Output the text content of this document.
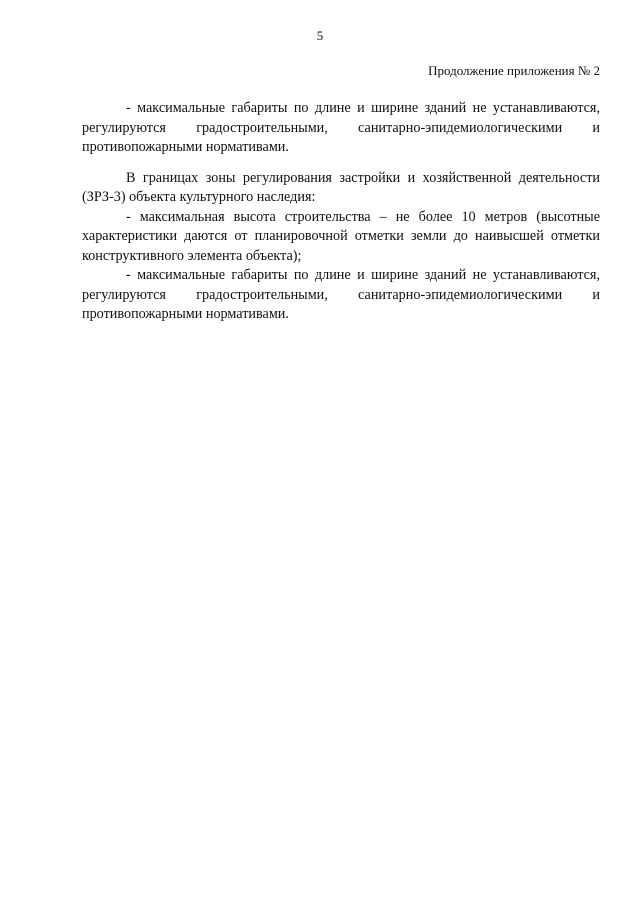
5
Продолжение приложения № 2

- максимальные габариты по длине и ширине зданий не устанавливаются, регулируются градостроительными, санитарно-эпидемиологическими и противопожарными нормативами.

В границах зоны регулирования застройки и хозяйственной деятельности (ЗРЗ-3) объекта культурного наследия:

- максимальная высота строительства – не более 10 метров (высотные характеристики даются от планировочной отметки земли до наивысшей отметки конструктивного элемента объекта);

- максимальные габариты по длине и ширине зданий не устанавливаются, регулируются градостроительными, санитарно-эпидемиологическими и противопожарными нормативами.
